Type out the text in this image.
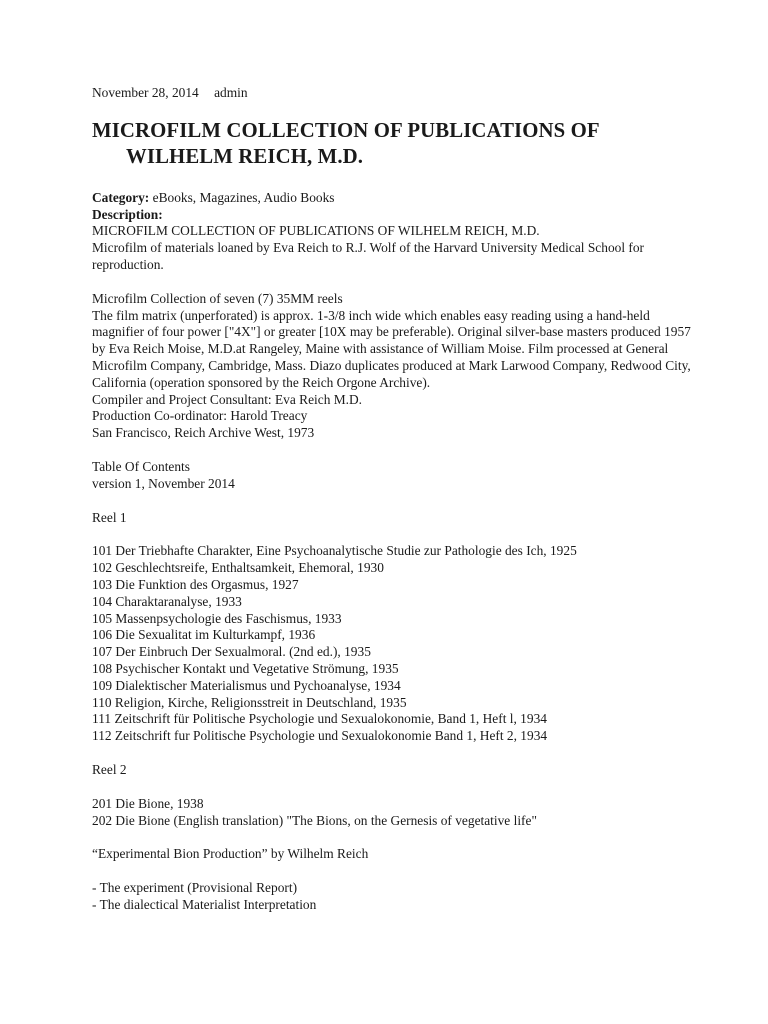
November 28, 2014 admin
MICROFILM COLLECTION OF PUBLICATIONS OF WILHELM REICH, M.D.
Category: eBooks, Magazines, Audio Books
Description:
MICROFILM COLLECTION OF PUBLICATIONS OF WILHELM REICH, M.D.
Microfilm of materials loaned by Eva Reich to R.J. Wolf of the Harvard University Medical School for reproduction.
Microfilm Collection of seven (7) 35MM reels
The film matrix (unperforated) is approx. 1-3/8 inch wide which enables easy reading using a hand-held magnifier of four power ["4X"] or greater [10X may be preferable). Original silver-base masters produced 1957 by Eva Reich Moise, M.D.at Rangeley, Maine with assistance of William Moise. Film processed at General Microfilm Company, Cambridge, Mass. Diazo duplicates produced at Mark Larwood Company, Redwood City, California (operation sponsored by the Reich Orgone Archive).
Compiler and Project Consultant: Eva Reich M.D.
Production Co-ordinator: Harold Treacy
San Francisco, Reich Archive West, 1973
Table Of Contents
version 1, November 2014
Reel 1
101 Der Triebhafte Charakter, Eine Psychoanalytische Studie zur Pathologie des Ich, 1925
102 Geschlechtsreife, Enthaltsamkeit, Ehemoral, 1930
103 Die Funktion des Orgasmus, 1927
104 Charaktaranalyse, 1933
105 Massenpsychologie des Faschismus, 1933
106 Die Sexualitat im Kulturkampf, 1936
107 Der Einbruch Der Sexualmoral. (2nd ed.), 1935
108 Psychischer Kontakt und Vegetative Strömung, 1935
109 Dialektischer Materialismus und Pychoanalyse, 1934
110 Religion, Kirche, Religionsstreit in Deutschland, 1935
111 Zeitschrift für Politische Psychologie und Sexualokonomie, Band 1, Heft l, 1934
112 Zeitschrift fur Politische Psychologie und Sexualokonomie Band 1, Heft 2, 1934
Reel 2
201 Die Bione, 1938
202 Die Bione (English translation) "The Bions, on the Gernesis of vegetative life"
“Experimental Bion Production” by Wilhelm Reich
- The experiment (Provisional Report)
- The dialectical Materialist Interpretation
